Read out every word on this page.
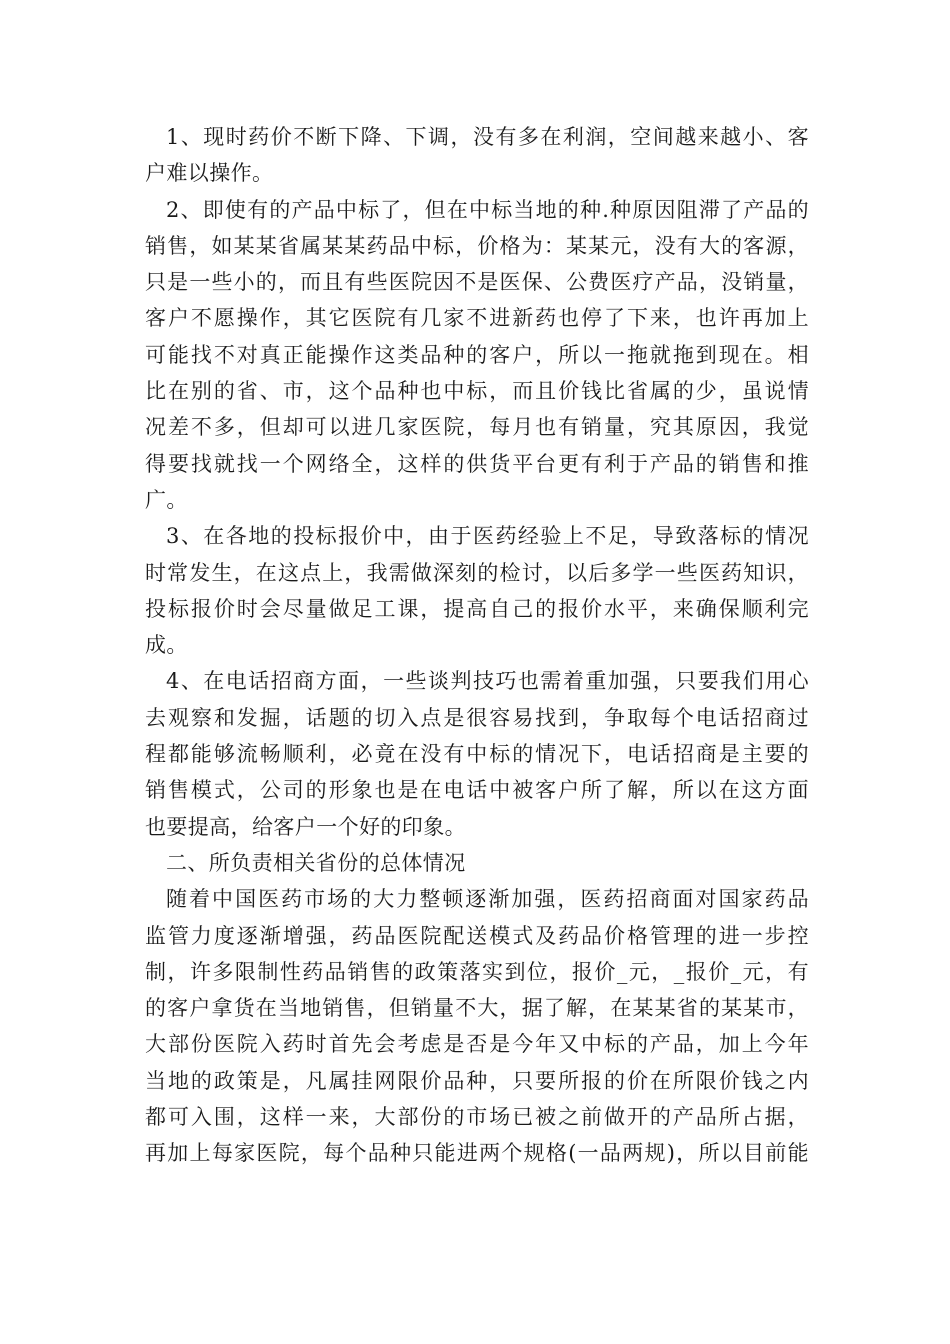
1、现时药价不断下降、下调，没有多在利润，空间越来越小、客
户难以操作。
2、即使有的产品中标了，但在中标当地的种.种原因阻滞了产品的
销售，如某某省属某某药品中标，价格为：某某元，没有大的客源，
只是一些小的，而且有些医院因不是医保、公费医疗产品，没销量，
客户不愿操作，其它医院有几家不进新药也停了下来，也许再加上
可能找不对真正能操作这类品种的客户，所以一拖就拖到现在。相
比在别的省、市，这个品种也中标，而且价钱比省属的少，虽说情
况差不多，但却可以进几家医院，每月也有销量，究其原因，我觉
得要找就找一个网络全，这样的供货平台更有利于产品的销售和推
广。
3、在各地的投标报价中，由于医药经验上不足，导致落标的情况
时常发生，在这点上，我需做深刻的检讨，以后多学一些医药知识，
投标报价时会尽量做足工课，提高自己的报价水平，来确保顺利完
成。
4、在电话招商方面，一些谈判技巧也需着重加强，只要我们用心
去观察和发掘，话题的切入点是很容易找到，争取每个电话招商过
程都能够流畅顺利，必竟在没有中标的情况下，电话招商是主要的
销售模式，公司的形象也是在电话中被客户所了解，所以在这方面
也要提高，给客户一个好的印象。
二、所负责相关省份的总体情况
随着中国医药市场的大力整顿逐渐加强，医药招商面对国家药品
监管力度逐渐增强，药品医院配送模式及药品价格管理的进一步控
制，许多限制性药品销售的政策落实到位，报价_元，_报价_元，有
的客户拿货在当地销售，但销量不大，据了解，在某某省的某某市，
大部份医院入药时首先会考虑是否是今年又中标的产品，加上今年
当地的政策是，凡属挂网限价品种，只要所报的价在所限价钱之内
都可入围，这样一来，大部份的市场已被之前做开的产品所占据，
再加上每家医院，每个品种只能进两个规格(一品两规)，所以目前能
